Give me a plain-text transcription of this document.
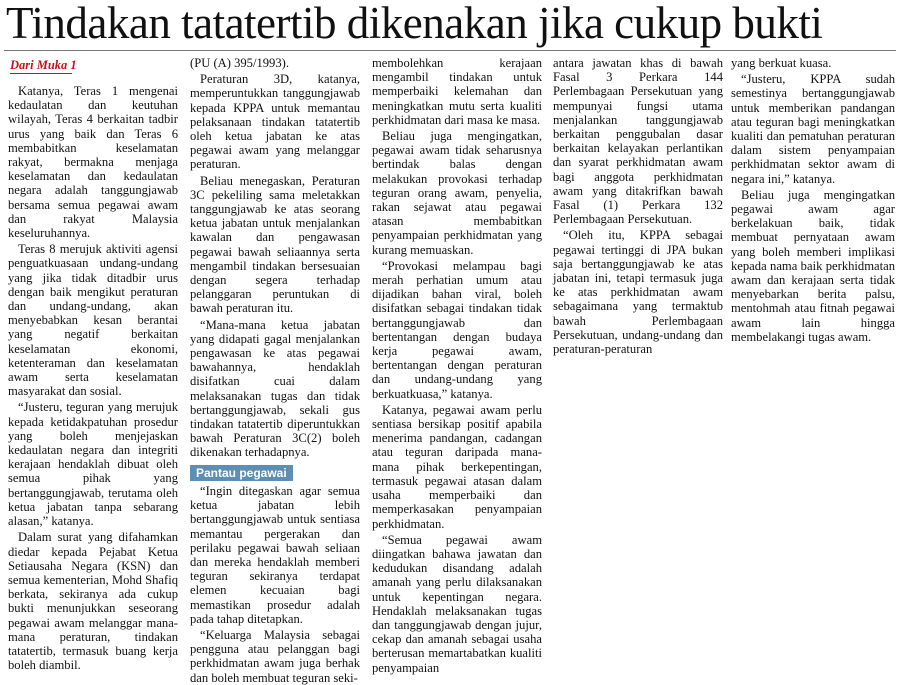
Tindakan tatatertib dikenakan jika cukup bukti
Dari Muka 1

Katanya, Teras 1 mengenai kedaulatan dan keutuhan wilayah, Teras 4 berkaitan tadbir urus yang baik dan Teras 6 membabitkan keselamatan rakyat, bermakna menjaga keselamatan dan kedaulatan negara adalah tanggungjawab bersama semua pegawai awam dan rakyat Malaysia keseluruhannya.

Teras 8 merujuk aktiviti agensi penguatkuasaan undang-undang yang jika tidak ditadbir urus dengan baik mengikut peraturan dan undang-undang, akan menyebabkan kesan berantai yang negatif berkaitan keselamatan ekonomi, ketenteraman dan keselamatan awam serta keselamatan masyarakat dan sosial.

“Justeru, teguran yang merujuk kepada ketidakpatuhan prosedur yang boleh menjejaskan kedaulatan negara dan integriti kerajaan hendaklah dibuat oleh semua pihak yang bertanggungjawab, terutama oleh ketua jabatan tanpa sebarang alasan,” katanya.

Dalam surat yang difahamkan diedar kepada Pejabat Ketua Setiausaha Negara (KSN) dan semua kementerian, Mohd Shafiq berkata, sekiranya ada cukup bukti menunjukkan seseorang pegawai awam melanggar mana-mana peraturan, tindakan tatatertib, termasuk buang kerja boleh diambil.

(PU (A) 395/1993).

Peraturan 3D, katanya, memperuntukkan tanggungjawab kepada KPPA untuk memantau pelaksanaan tindakan tatatertib oleh ketua jabatan ke atas pegawai awam yang melanggar peraturan.

Beliau menegaskan, Peraturan 3C pekeliling sama meletakkan tanggungjawab ke atas seorang ketua jabatan untuk menjalankan kawalan dan pengawasan pegawai bawah seliaannya serta mengambil tindakan bersesuaian dengan segera terhadap pelanggaran peruntukan di bawah peraturan itu.

“Mana-mana ketua jabatan yang didapati gagal menjalankan pengawasan ke atas pegawai bawahannya, hendaklah disifatkan cuai dalam melaksanakan tugas dan tidak bertanggungjawab, sekali gus tindakan tatatertib diperuntukkan bawah Peraturan 3C(2) boleh dikenakan terhadapnya.

Pantau pegawai

“Ingin ditegaskan agar semua ketua jabatan lebih bertanggungjawab untuk sentiasa memantau pergerakan dan perilaku pegawai bawah seliaan dan mereka hendaklah memberi teguran sekiranya terdapat elemen kecuaian bagi memastikan prosedur adalah pada tahap ditetapkan.

“Keluarga Malaysia sebagai pengguna atau pelanggan bagi perkhidmatan awam juga berhak dan boleh membuat teguran seki-

membolehkan kerajaan mengambil tindakan untuk memperbaiki kelemahan dan meningkatkan mutu serta kualiti perkhidmatan dari masa ke masa.

Beliau juga mengingatkan, pegawai awam tidak seharusnya bertindak balas dengan melakukan provokasi terhadap teguran orang awam, penyelia, rakan sejawat atau pegawai atasan membabitkan penyampaian perkhidmatan yang kurang memuaskan.

“Provokasi melampau bagi merah perhatian umum atau dijadikan bahan viral, boleh disifatkan sebagai tindakan tidak bertanggungjawab dan bertentangan dengan budaya kerja pegawai awam, bertentangan dengan peraturan dan undang-undang yang berkuatkuasa,” katanya.

Katanya, pegawai awam perlu sentiasa bersikap positif apabila menerima pandangan, cadangan atau teguran daripada mana-mana pihak berkepentingan, termasuk pegawai atasan dalam usaha memperbaiki dan memperkasakan penyampaian perkhidmatan.

“Semua pegawai awam diingatkan bahawa jawatan dan kedudukan disandang adalah amanah yang perlu dilaksanakan untuk kepentingan negara. Hendaklah melaksanakan tugas dan tanggungjawab dengan jujur, cekap dan amanah sebagai usaha berterusan memartabatkan kualiti penyampaian

antara jawatan khas di bawah Fasal 3 Perkara 144 Perlembagaan Persekutuan yang mempunyai fungsi utama menjalankan tanggungjawab berkaitan penggubalan dasar berkaitan kelayakan perlantikan dan syarat perkhidmatan awam bagi anggota perkhidmatan awam yang ditakrifkan bawah Fasal (1) Perkara 132 Perlembagaan Persekutuan.

“Oleh itu, KPPA sebagai pegawai tertinggi di JPA bukan saja bertanggungjawab ke atas jabatan ini, tetapi termasuk juga ke atas perkhidmatan awam sebagaimana yang termaktub bawah Perlembagaan Persekutuan, undang-undang dan peraturan-peraturan

yang berkuat kuasa.

“Justeru, KPPA sudah semestinya bertanggungjawab untuk memberikan pandangan atau teguran bagi meningkatkan kualiti dan pematuhan peraturan dalam sistem penyampaian perkhidmatan sektor awam di negara ini,” katanya.

Beliau juga mengingatkan pegawai awam agar berkelakuan baik, tidak membuat pernyataan awam yang boleh memberi implikasi kepada nama baik perkhidmatan awam dan kerajaan serta tidak menyebarkan berita palsu, mentohmah atau fitnah pegawai awam lain hingga membelakangi tugas awam.
